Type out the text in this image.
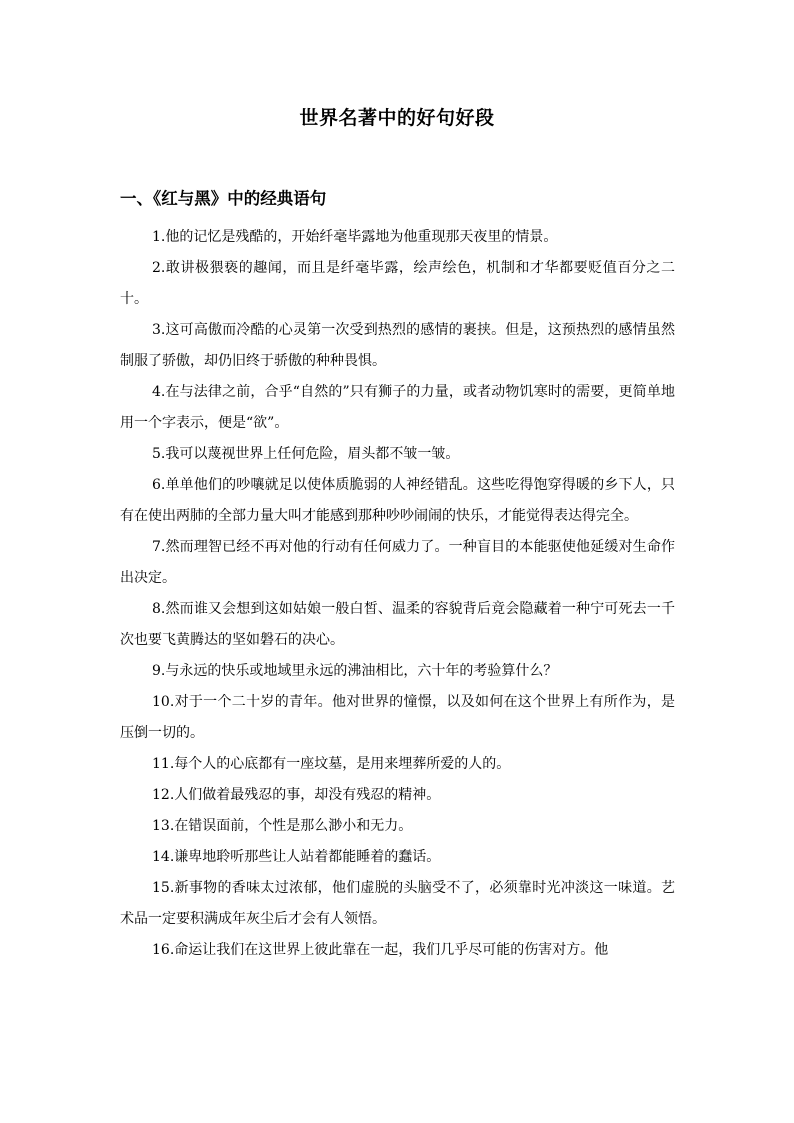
世界名著中的好句好段
一、《红与黑》中的经典语句

1.他的记忆是残酷的，开始纤毫毕露地为他重现那天夜里的情景。

2.敢讲极猥亵的趣闻，而且是纤毫毕露，绘声绘色，机制和才华都要贬值百分之二十。

3.这可高傲而冷酷的心灵第一次受到热烈的感情的裹挟。但是，这预热烈的感情虽然制服了骄傲，却仍旧终于骄傲的种种畏惧。

4.在与法律之前，合乎“自然的”只有狮子的力量，或者动物饥寒时的需要，更简单地用一个字表示，便是“欲”。

5.我可以蔑视世界上任何危险，眉头都不皱一皱。

6.单单他们的吵嚷就足以使体质脆弱的人神经错乱。这些吃得饱穿得暖的乡下人，只有在使出两肺的全部力量大叫才能感到那种吵吵闹闹的快乐，才能觉得表达得完全。

7.然而理智已经不再对他的行动有任何威力了。一种盲目的本能驱使他延缓对生命作出决定。

8.然而谁又会想到这如姑娘一般白皙、温柔的容貌背后竟会隐藏着一种宁可死去一千次也要飞黄腾达的坚如磐石的决心。

9.与永远的快乐或地域里永远的沸油相比，六十年的考验算什么？

10.对于一个二十岁的青年。他对世界的憧憬，以及如何在这个世界上有所作为，是压倒一切的。

11.每个人的心底都有一座坟墓，是用来埋葬所爱的人的。

12.人们做着最残忍的事，却没有残忍的精神。

13.在错误面前，个性是那么渺小和无力。

14.谦卑地聆听那些让人站着都能睡着的蠢话。

15.新事物的香味太过浓郁，他们虚脱的头脑受不了，必须靠时光冲淡这一味道。艺术品一定要积满成年灰尘后才会有人领悟。

16.命运让我们在这世界上彼此靠在一起，我们几乎尽可能的伤害对方。他
